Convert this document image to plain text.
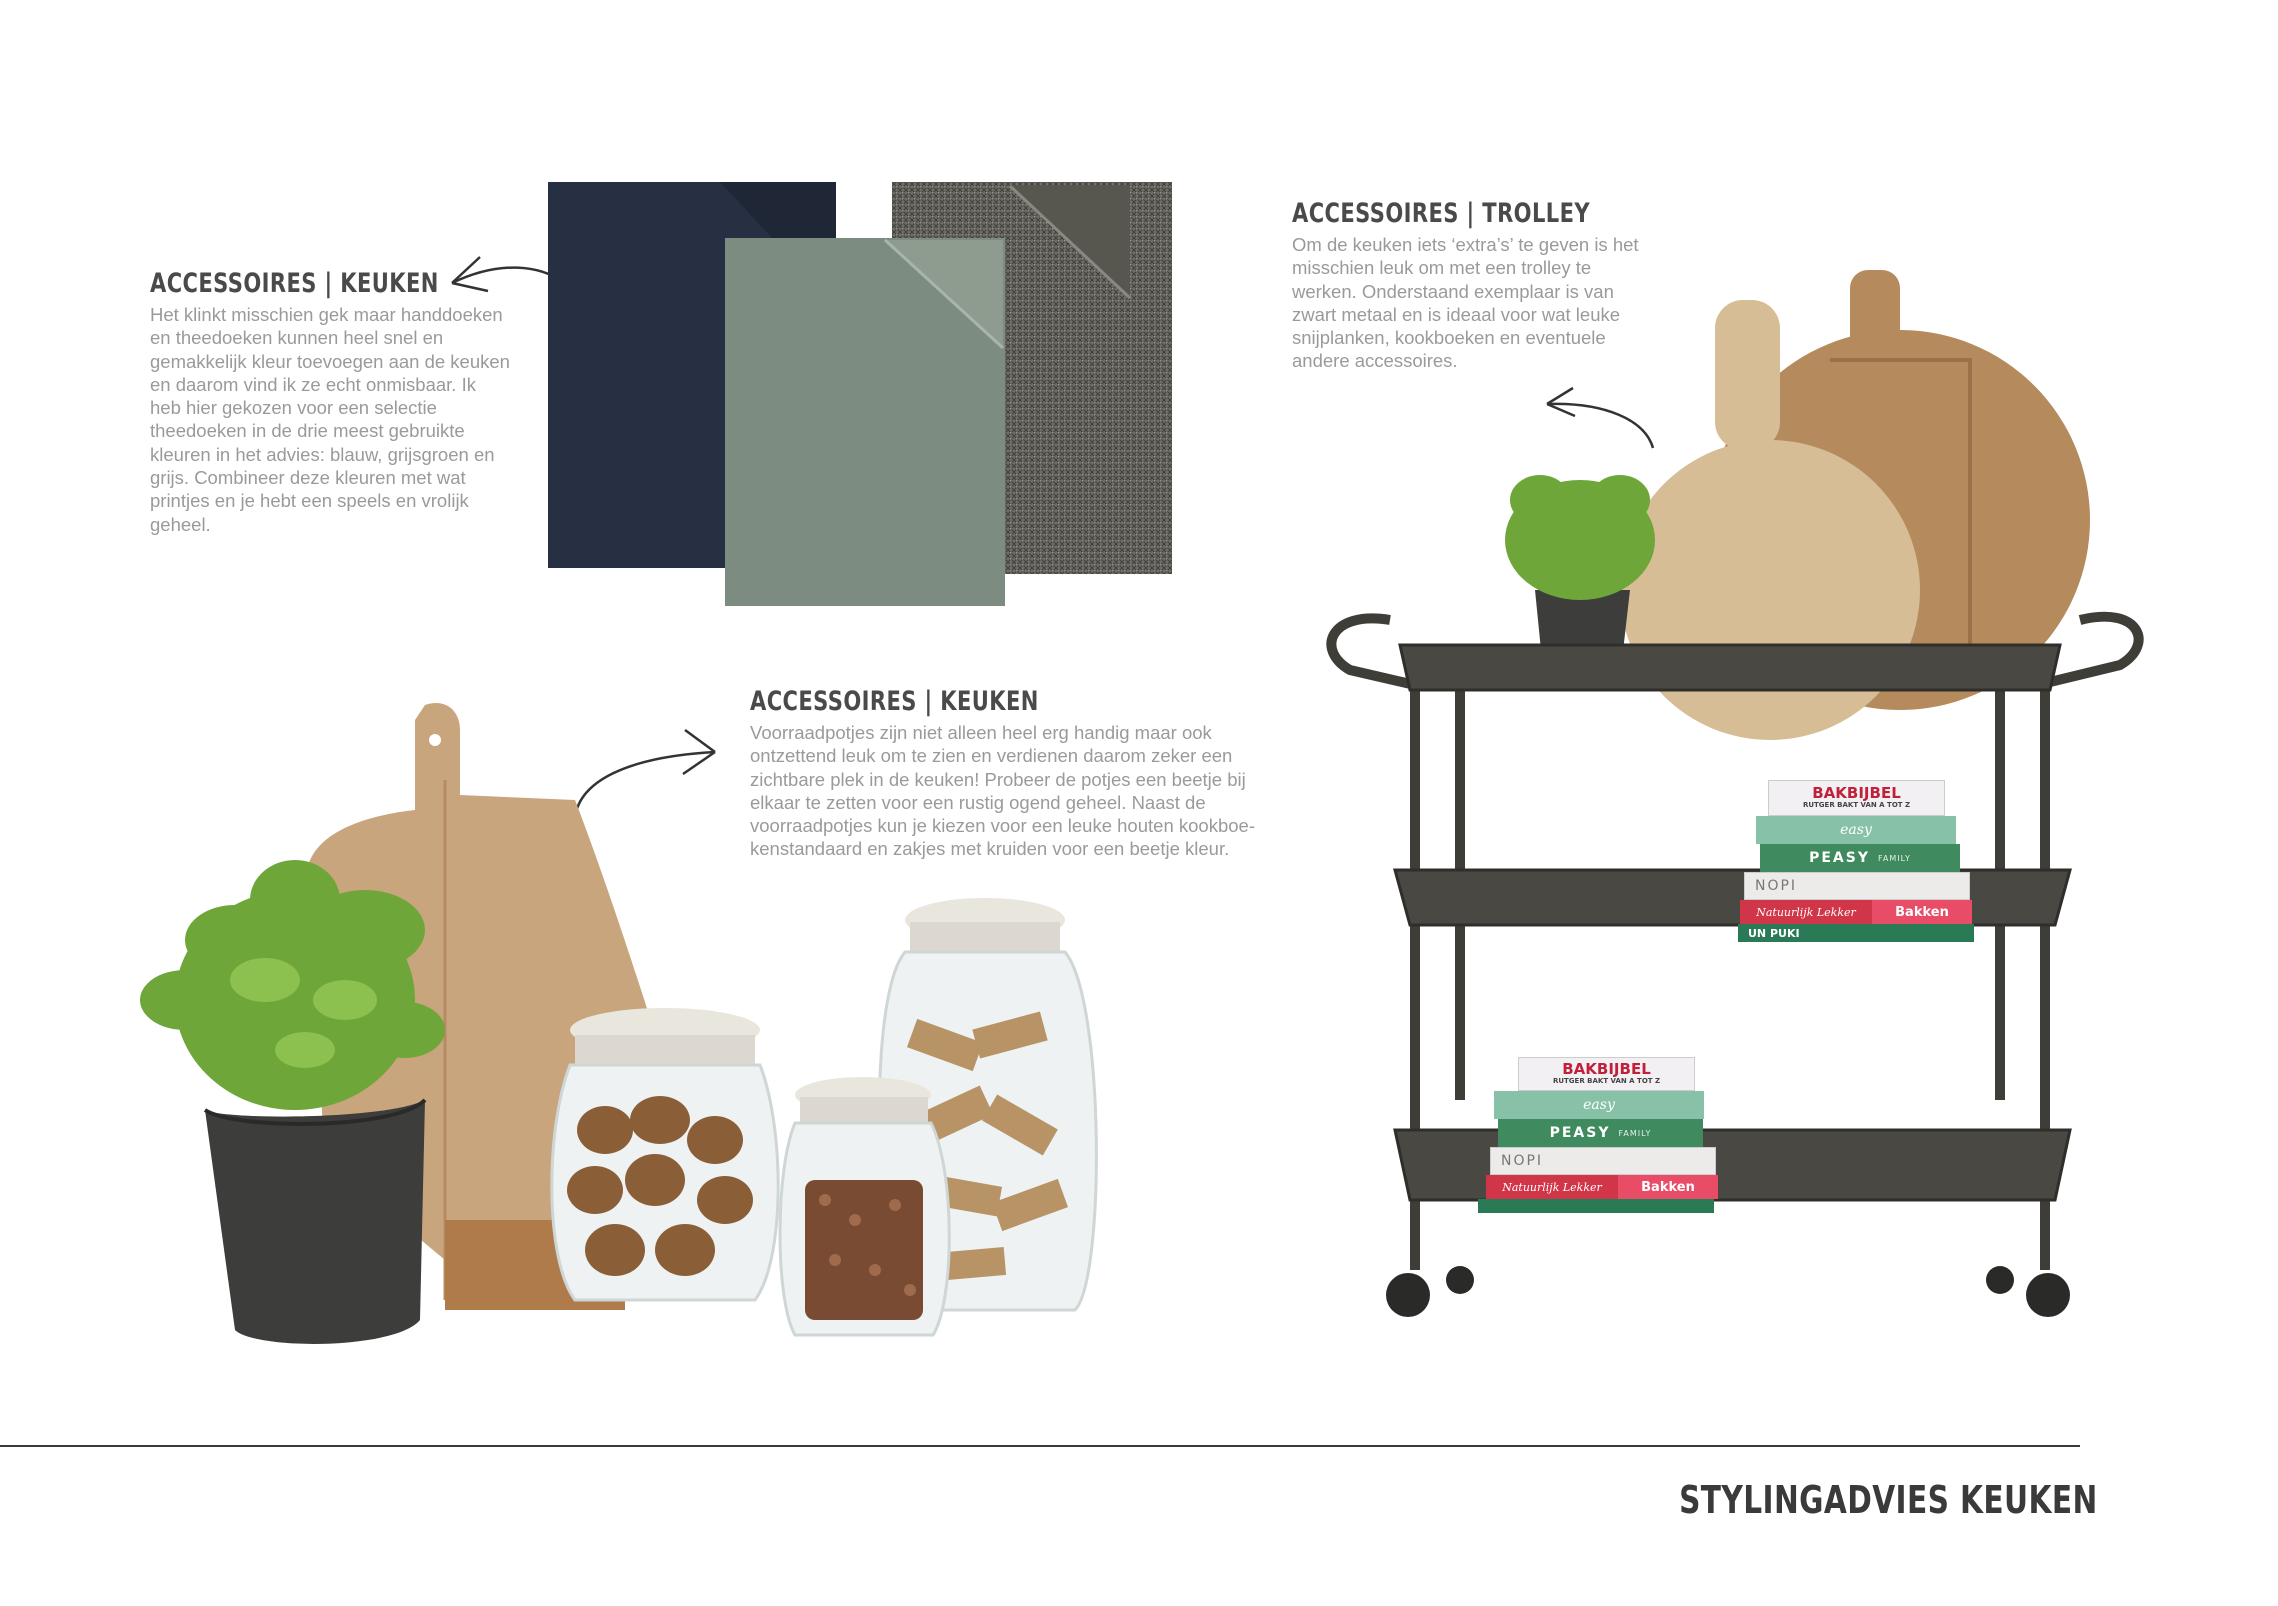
ACCESSOIRES | KEUKEN
Het klinkt misschien gek maar handdoeken en theedoeken kunnen heel snel en gemakkelijk kleur toevoegen aan de keuken en daarom vind ik ze echt onmisbaar. Ik heb hier gekozen voor een selectie theedoeken in de drie meest gebruikte kleuren in het advies: blauw, grijsgroen en grijs. Combineer deze kleuren met wat printjes en je hebt een speels en vrolijk geheel.
ACCESSOIRES | TROLLEY
Om de keuken iets ‘extra’s’ te geven is het misschien leuk om met een trolley te werken. Onderstaand exemplaar is van zwart metaal en is ideaal voor wat leuke snijplanken, kookboeken en eventuele andere accessoires.
ACCESSOIRES | KEUKEN
Voorraadpotjes zijn niet alleen heel erg handig maar ook ontzettend leuk om te zien en verdienen daarom zeker een zichtbare plek in de keuken! Probeer de potjes een beetje bij elkaar te zetten voor een rustig ogend geheel. Naast de voorraadpotjes kun je kiezen voor een leuke houten kookboe-kenstandaard en zakjes met kruiden voor een beetje kleur.
BAKBIJBEL
RUTGER BAKT VAN A TOT Z
easy
PEASY FAMILY
NOPI
Natuurlijk Lekker	Bakken
UN PUKI
BAKBIJBEL
RUTGER BAKT VAN A TOT Z
easy
PEASY FAMILY
NOPI
Natuurlijk Lekker	Bakken
STYLINGADVIES KEUKEN
